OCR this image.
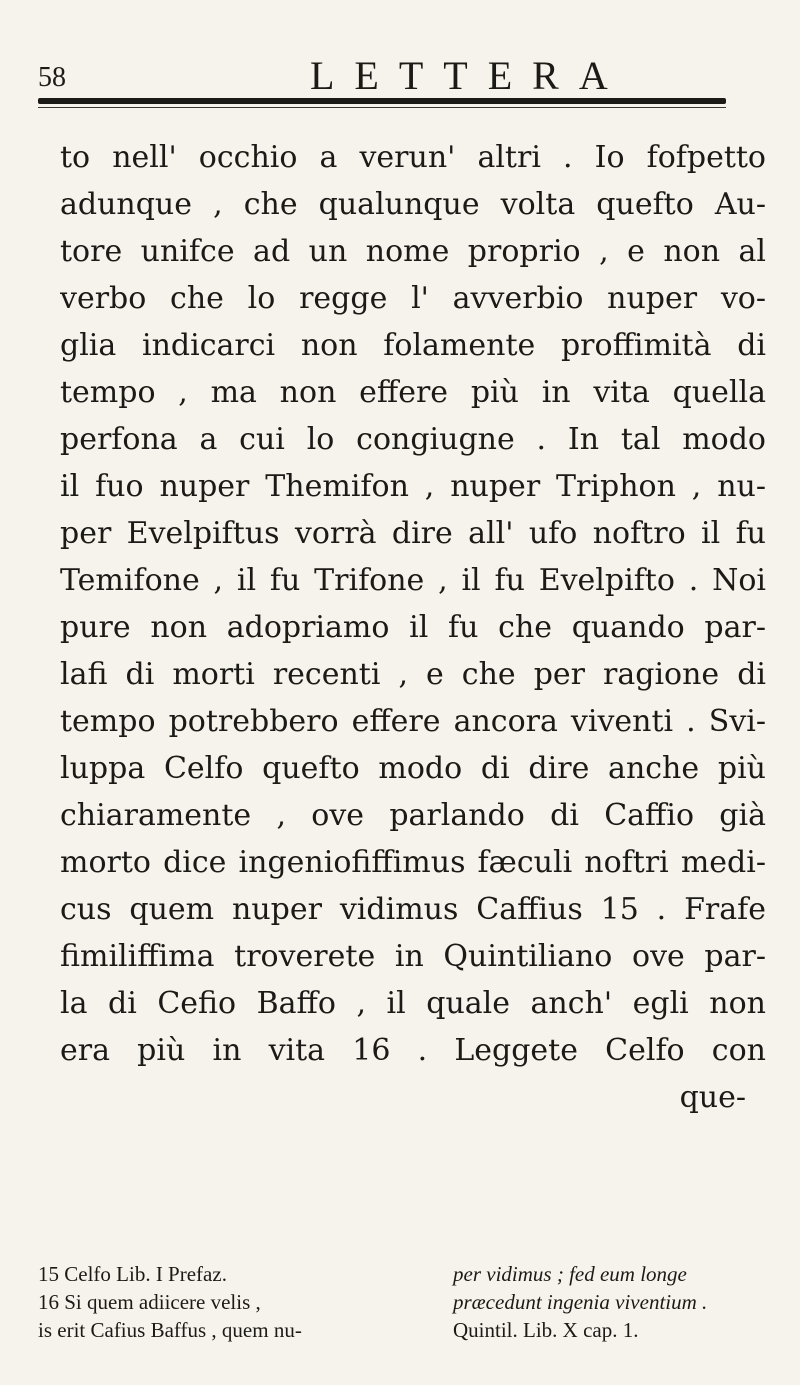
58	LETTERA
to nell' occhio a verun' altri . Io fofpetto
adunque , che qualunque volta quefto Au-
tore unifce ad un nome proprio , e non al
verbo che lo regge l' avverbio nuper vo-
glia indicarci non folamente proffimità di
tempo , ma non effere più in vita quella
perfona a cui lo congiugne . In tal modo
il fuo nuper Themifon , nuper Triphon , nu-
per Evelpiftus vorrà dire all' ufo noftro il fu
Temifone , il fu Trifone , il fu Evelpifto . Noi
pure non adopriamo il fu che quando par-
lafi di morti recenti , e che per ragione di
tempo potrebbero effere ancora viventi . Svi-
luppa Celfo quefto modo di dire anche più
chiaramente , ove parlando di Caffio già
morto dice ingeniofiffimus fæculi noftri medi-
cus quem nuper vidimus Caffius 15 . Frafe
fimiliffima troverete in Quintiliano ove par-
la di Cefio Baffo , il quale anch' egli non
era più in vita 16 . Leggete Celfo con
que-
15 Celfo Lib. I Prefaz.	per vidimus ; fed eum longe
16 Si quem adiicere velis ,	præcedunt ingenia viventium .
is erit Cafius Baffus , quem nu-	Quintil. Lib. X cap. 1.
